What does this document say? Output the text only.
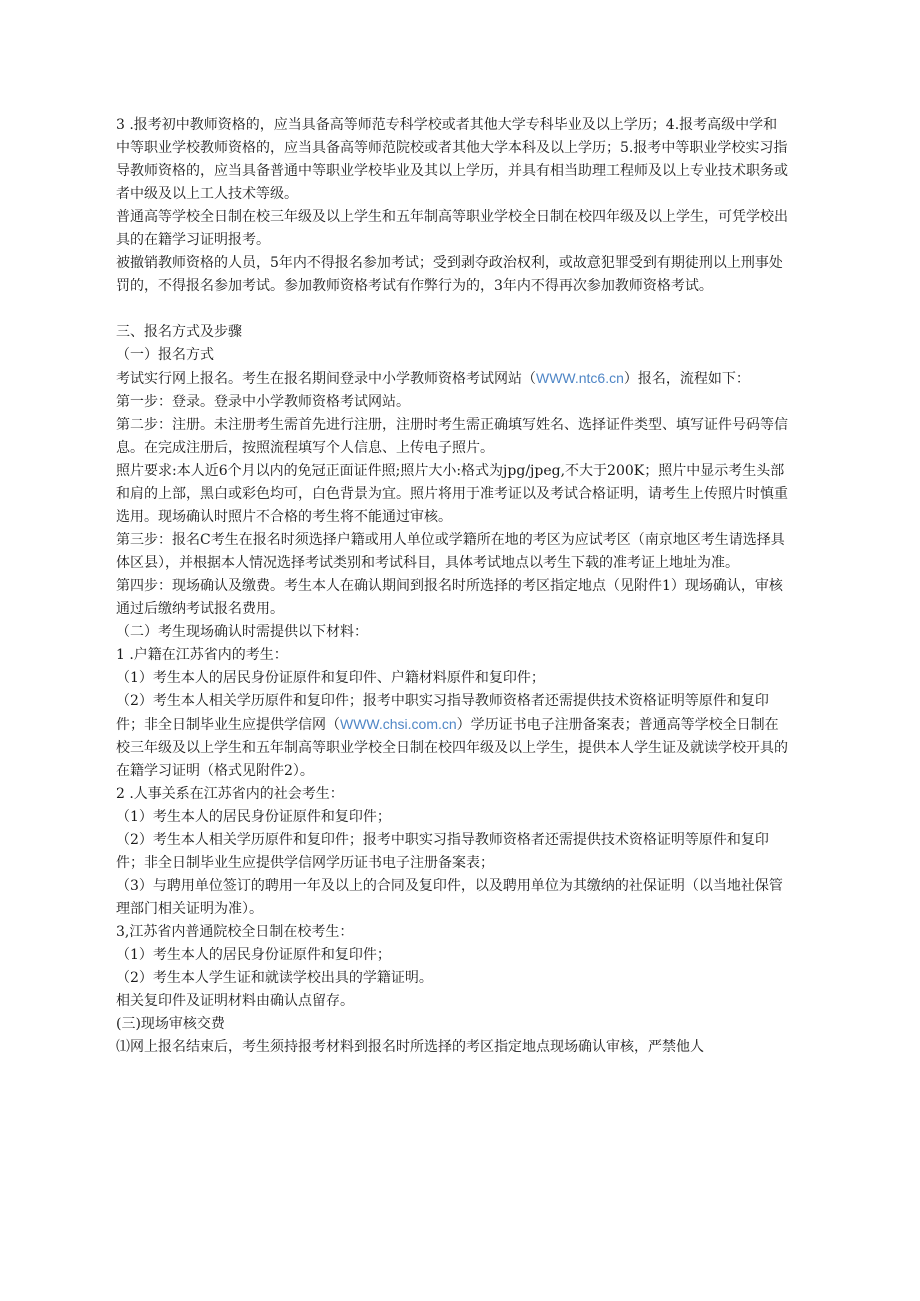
3 .报考初中教师资格的，应当具备高等师范专科学校或者其他大学专科毕业及以上学历；4.报考高级中学和中等职业学校教师资格的，应当具备高等师范院校或者其他大学本科及以上学历；5.报考中等职业学校实习指导教师资格的，应当具备普通中等职业学校毕业及其以上学历，并具有相当助理工程师及以上专业技术职务或者中级及以上工人技术等级。

普通高等学校全日制在校三年级及以上学生和五年制高等职业学校全日制在校四年级及以上学生，可凭学校出具的在籍学习证明报考。

被撤销教师资格的人员，5年内不得报名参加考试；受到剥夺政治权利，或故意犯罪受到有期徒刑以上刑事处罚的，不得报名参加考试。参加教师资格考试有作弊行为的，3年内不得再次参加教师资格考试。

三、报名方式及步骤

（一）报名方式

考试实行网上报名。考生在报名期间登录中小学教师资格考试网站（WWW.ntc6.cn）报名，流程如下：

第一步：登录。登录中小学教师资格考试网站。

第二步：注册。未注册考生需首先进行注册，注册时考生需正确填写姓名、选择证件类型、填写证件号码等信息。在完成注册后，按照流程填写个人信息、上传电子照片。

照片要求:本人近6个月以内的免冠正面证件照;照片大小:格式为jpg/jpeg,不大于200K；照片中显示考生头部和肩的上部，黑白或彩色均可，白色背景为宜。照片将用于准考证以及考试合格证明，请考生上传照片时慎重选用。现场确认时照片不合格的考生将不能通过审核。

第三步：报名C考生在报名时须选择户籍或用人单位或学籍所在地的考区为应试考区（南京地区考生请选择具体区县），并根据本人情况选择考试类别和考试科目，具体考试地点以考生下载的准考证上地址为准。

第四步：现场确认及缴费。考生本人在确认期间到报名时所选择的考区指定地点（见附件1）现场确认，审核通过后缴纳考试报名费用。

（二）考生现场确认时需提供以下材料：

1 .户籍在江苏省内的考生：

（1）考生本人的居民身份证原件和复印件、户籍材料原件和复印件；

（2）考生本人相关学历原件和复印件；报考中职实习指导教师资格者还需提供技术资格证明等原件和复印件；非全日制毕业生应提供学信网（WWW.chsi.com.cn）学历证书电子注册备案表；普通高等学校全日制在校三年级及以上学生和五年制高等职业学校全日制在校四年级及以上学生，提供本人学生证及就读学校开具的在籍学习证明（格式见附件2）。

2 .人事关系在江苏省内的社会考生：

（1）考生本人的居民身份证原件和复印件；

（2）考生本人相关学历原件和复印件；报考中职实习指导教师资格者还需提供技术资格证明等原件和复印件；非全日制毕业生应提供学信网学历证书电子注册备案表；

（3）与聘用单位签订的聘用一年及以上的合同及复印件，以及聘用单位为其缴纳的社保证明（以当地社保管理部门相关证明为准）。

3,江苏省内普通院校全日制在校考生：

（1）考生本人的居民身份证原件和复印件；

（2）考生本人学生证和就读学校出具的学籍证明。

相关复印件及证明材料由确认点留存。

(三)现场审核交费

⑴网上报名结束后，考生须持报考材料到报名时所选择的考区指定地点现场确认审核，严禁他人
